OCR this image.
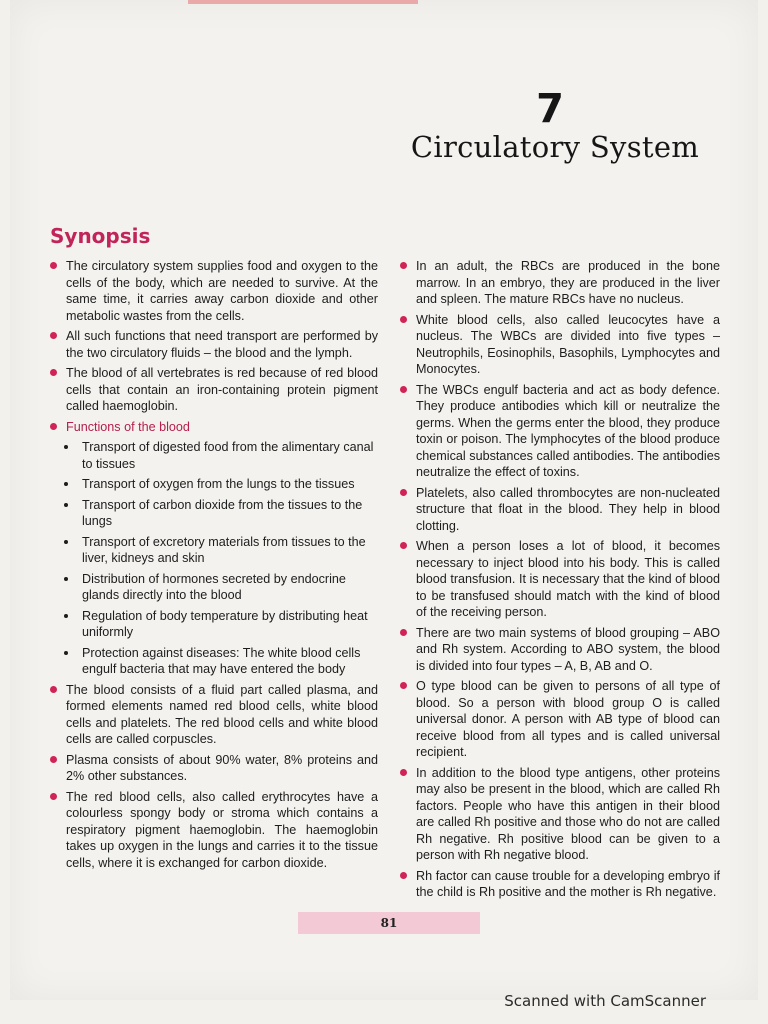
7
Circulatory System
Synopsis
The circulatory system supplies food and oxygen to the cells of the body, which are needed to survive. At the same time, it carries away carbon dioxide and other metabolic wastes from the cells.
All such functions that need transport are performed by the two circulatory fluids – the blood and the lymph.
The blood of all vertebrates is red because of red blood cells that contain an iron-containing protein pigment called haemoglobin.
Functions of the blood
Transport of digested food from the alimentary canal to tissues
Transport of oxygen from the lungs to the tissues
Transport of carbon dioxide from the tissues to the lungs
Transport of excretory materials from tissues to the liver, kidneys and skin
Distribution of hormones secreted by endocrine glands directly into the blood
Regulation of body temperature by distributing heat uniformly
Protection against diseases: The white blood cells engulf bacteria that may have entered the body
The blood consists of a fluid part called plasma, and formed elements named red blood cells, white blood cells and platelets. The red blood cells and white blood cells are called corpuscles.
Plasma consists of about 90% water, 8% proteins and 2% other substances.
The red blood cells, also called erythrocytes have a colourless spongy body or stroma which contains a respiratory pigment haemoglobin. The haemoglobin takes up oxygen in the lungs and carries it to the tissue cells, where it is exchanged for carbon dioxide.
In an adult, the RBCs are produced in the bone marrow. In an embryo, they are produced in the liver and spleen. The mature RBCs have no nucleus.
White blood cells, also called leucocytes have a nucleus. The WBCs are divided into five types – Neutrophils, Eosinophils, Basophils, Lymphocytes and Monocytes.
The WBCs engulf bacteria and act as body defence. They produce antibodies which kill or neutralize the germs. When the germs enter the blood, they produce toxin or poison. The lymphocytes of the blood produce chemical substances called antibodies. The antibodies neutralize the effect of toxins.
Platelets, also called thrombocytes are non-nucleated structure that float in the blood. They help in blood clotting.
When a person loses a lot of blood, it becomes necessary to inject blood into his body. This is called blood transfusion. It is necessary that the kind of blood to be transfused should match with the kind of blood of the receiving person.
There are two main systems of blood grouping – ABO and Rh system. According to ABO system, the blood is divided into four types – A, B, AB and O.
O type blood can be given to persons of all type of blood. So a person with blood group O is called universal donor. A person with AB type of blood can receive blood from all types and is called universal recipient.
In addition to the blood type antigens, other proteins may also be present in the blood, which are called Rh factors. People who have this antigen in their blood are called Rh positive and those who do not are called Rh negative. Rh positive blood can be given to a person with Rh negative blood.
Rh factor can cause trouble for a developing embryo if the child is Rh positive and the mother is Rh negative.
81
Scanned with CamScanner
